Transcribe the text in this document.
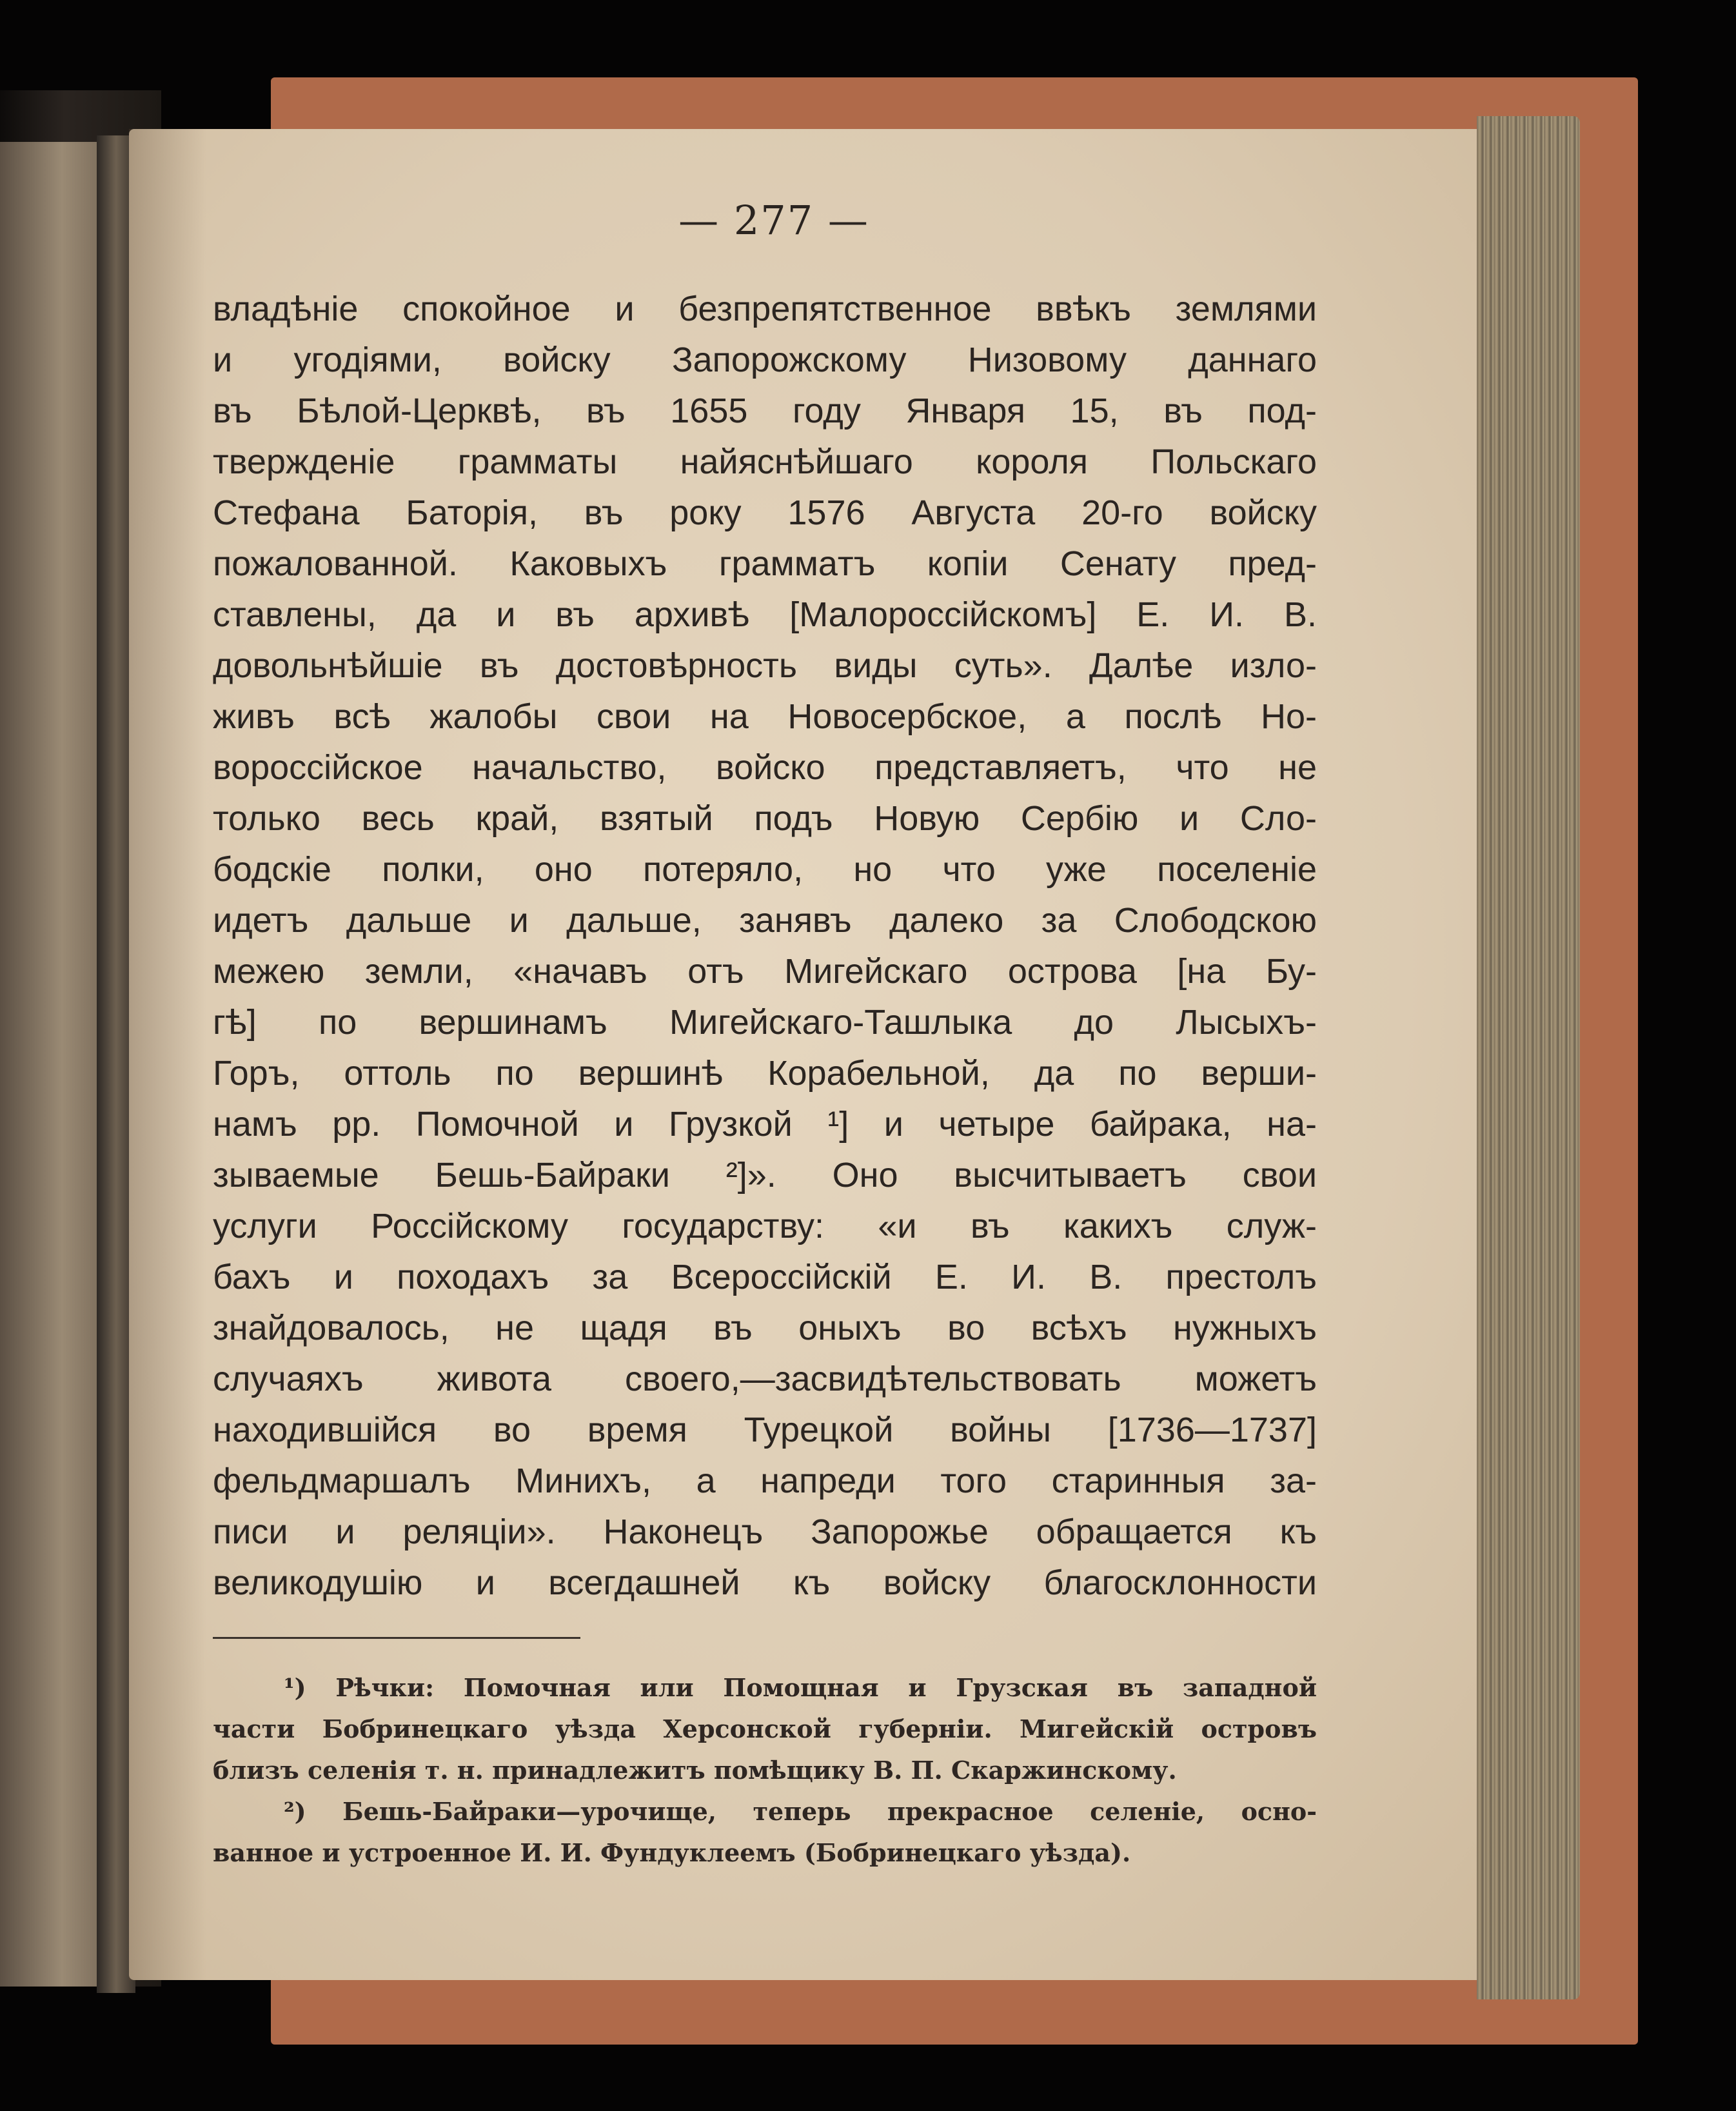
— 277 —
владѣніе спокойное и безпрепятственное ввѣкъ землями
и угодіями, войску Запорожскому Низовому даннаго
въ Бѣлой-Церквѣ, въ 1655 году Января 15, въ под-
твержденіе граммaты найяснѣйшаго короля Польскаго
Стефана Баторія, въ року 1576 Августа 20-го войску
пожалованной. Каковыхъ граммaтъ копіи Сенату пред-
ставлены, да и въ архивѣ [Малороссійскомъ] Е. И. В.
довольнѣйшіе въ достовѣрность виды суть». Далѣе изло-
живъ всѣ жалобы свои на Новосербское, а послѣ Но-
вороссійское начальство, войско представляетъ, что не
только весь край, взятый подъ Новую Сербію и Сло-
бодскіе полки, оно потеряло, но что уже поселеніе
идетъ дальше и дальше, занявъ далеко за Слободскою
межею земли, «начавъ отъ Мигейскаго острова [на Бу-
гѣ] по вершинамъ Мигейскаго-Ташлыка до Лысыхъ-
Горъ, оттоль по вершинѣ Корабельной, да по верши-
намъ рр. Помочной и Грузкой ¹] и четыре байрака, на-
зываемые Бешь-Байраки ²]». Оно высчитываетъ свои
услуги Россійскому государству: «и въ какихъ служ-
бахъ и походахъ за Всероссійскій Е. И. В. престолъ
знайдовалось, не щадя въ оныхъ во всѣхъ нужныхъ
случаяхъ живота своего,—засвидѣтельствовать можетъ
находившійся во время Турецкой войны [1736—1737]
фельдмаршалъ Минихъ, а напреди того старинныя за-
писи и реляціи». Наконецъ Запорожье обращается къ
великодушію и всегдашней къ войску благосклонности
¹) Рѣчки: Помочная или Помощная и Грузская въ западной
части Бобринецкаго уѣзда Херсонской губерніи. Мигейскій островъ
близъ селенія т. н. принадлежитъ помѣщику В. П. Скаржинскому.
²) Бешь-Байраки—урочище, теперь прекрасное селеніе, осно-
ванное и устроенное И. И. Фундуклеемъ (Бобринецкаго уѣзда).
